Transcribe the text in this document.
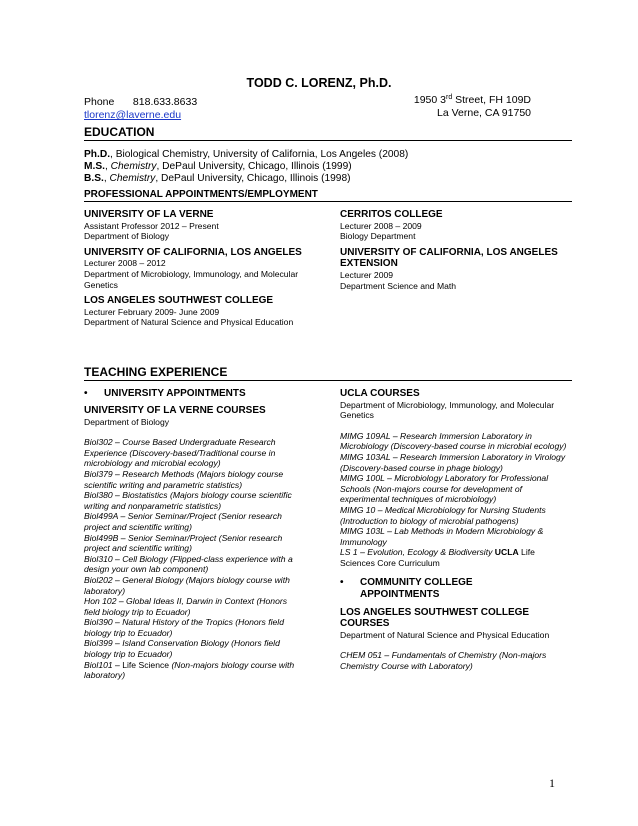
TODD C. LORENZ, Ph.D.
Phone 818.633.8633
tlorenz@laverne.edu
1950 3rd Street, FH 109D
La Verne, CA 91750
EDUCATION
Ph.D., Biological Chemistry, University of California, Los Angeles (2008)
M.S., Chemistry, DePaul University, Chicago, Illinois (1999)
B.S., Chemistry, DePaul University, Chicago, Illinois (1998)
PROFESSIONAL APPOINTMENTS/EMPLOYMENT
UNIVERSITY OF LA VERNE
Assistant Professor 2012 – Present
Department of Biology
UNIVERSITY OF CALIFORNIA, LOS ANGELES
Lecturer 2008 – 2012
Department of Microbiology, Immunology, and Molecular Genetics
LOS ANGELES SOUTHWEST COLLEGE
Lecturer February 2009- June 2009
Department of Natural Science and Physical Education
CERRITOS COLLEGE
Lecturer 2008 – 2009
Biology Department
UNIVERSITY OF CALIFORNIA, LOS ANGELES EXTENSION
Lecturer 2009
Department Science and Math
TEACHING EXPERIENCE
• UNIVERSITY APPOINTMENTS
UNIVERSITY OF LA VERNE COURSES
Department of Biology
Biol302 – Course Based Undergraduate Research Experience (Discovery-based/Traditional course in microbiology and microbial ecology)
Biol379 – Research Methods (Majors biology course scientific writing and parametric statistics)
Biol380 – Biostatistics (Majors biology course scientific writing and nonparametric statistics)
Biol499A – Senior Seminar/Project (Senior research project and scientific writing)
Biol499B – Senior Seminar/Project (Senior research project and scientific writing)
Biol310 – Cell Biology (Flipped-class experience with a design your own lab component)
Biol202 – General Biology (Majors biology course with laboratory)
Hon 102 – Global Ideas II, Darwin in Context (Honors field biology trip to Ecuador)
Biol390 – Natural History of the Tropics (Honors field biology trip to Ecuador)
Biol399 – Island Conservation Biology (Honors field biology trip to Ecuador)
Biol101 – Life Science (Non-majors biology course with laboratory)
UCLA COURSES
Department of Microbiology, Immunology, and Molecular Genetics
MIMG 109AL – Research Immersion Laboratory in Microbiology (Discovery-based course in microbial ecology)
MIMG 103AL – Research Immersion Laboratory in Virology (Discovery-based course in phage biology)
MIMG 100L – Microbiology Laboratory for Professional Schools (Non-majors course for development of experimental techniques of microbiology)
MIMG 10 – Medical Microbiology for Nursing Students (Introduction to biology of microbial pathogens)
MIMG 103L – Lab Methods in Modern Microbiology & Immunology
LS 1 – Evolution, Ecology & Biodiversity UCLA Life Sciences Core Curriculum
• COMMUNITY COLLEGE
APPOINTMENTS
LOS ANGELES SOUTHWEST COLLEGE COURSES
Department of Natural Science and Physical Education
CHEM 051 – Fundamentals of Chemistry (Non-majors Chemistry Course with Laboratory)
1
